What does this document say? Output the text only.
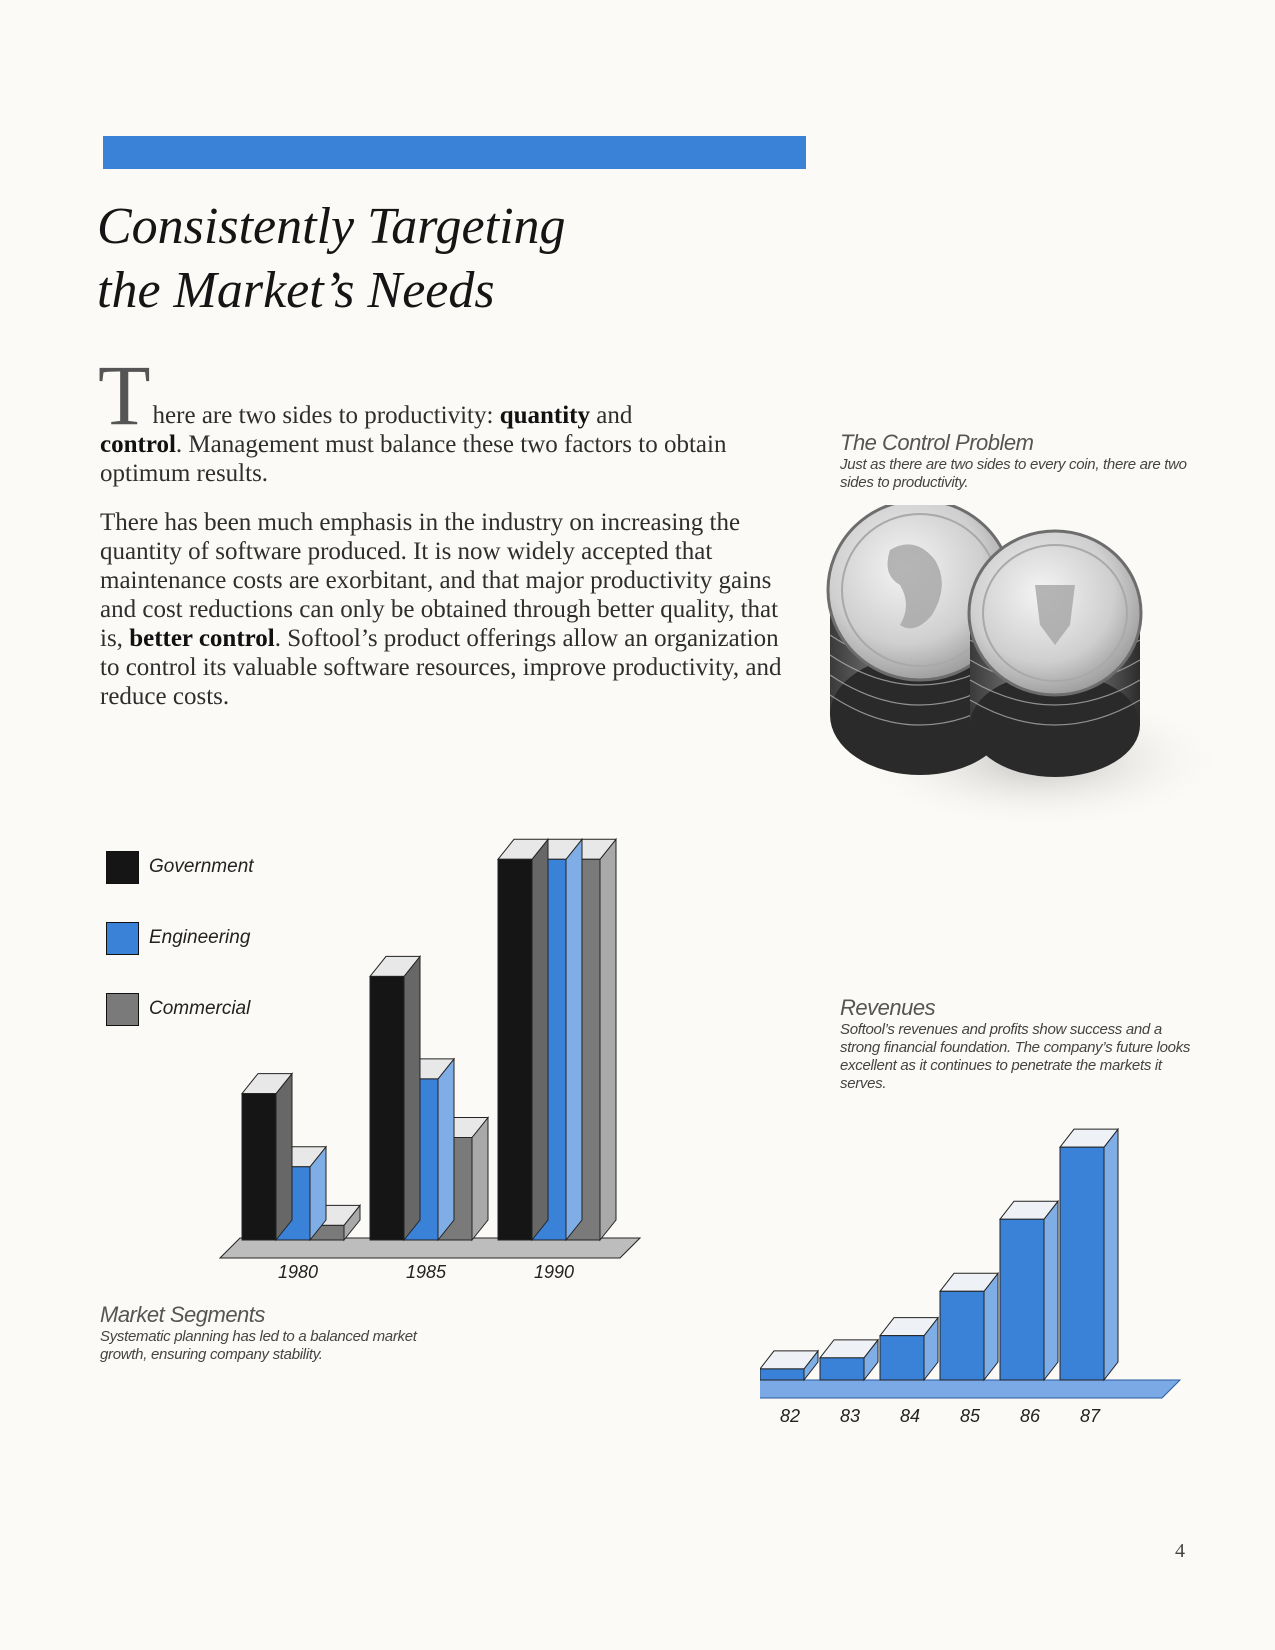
Consistently Targeting
the Market’s Needs

T here are two sides to productivity: quantity and
control. Management must balance these two factors to obtain optimum results.

There has been much emphasis in the industry on increasing the quantity of software produced. It is now widely accepted that maintenance costs are exorbitant, and that major productivity gains and cost reductions can only be obtained through better quality, that is, better control. Softool’s product offerings allow an organization to control its valuable software resources, improve productivity, and reduce costs.

The Control Problem
Just as there are two sides to every coin, there are two sides to productivity.
Government
Engineering
Commercial
1980	1985	1990
Market Segments
Systematic planning has led to a balanced market growth, ensuring company stability.
Revenues
Softool’s revenues and profits show success and a strong financial foundation. The company’s future looks excellent as it continues to penetrate the markets it serves.
82 83 84 85 86 87
4
